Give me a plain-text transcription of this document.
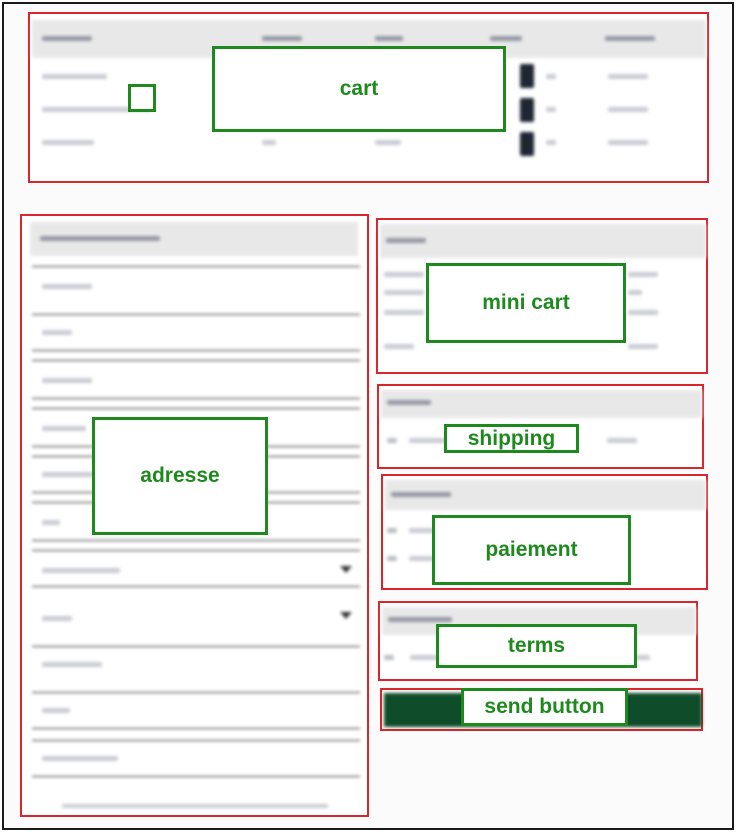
cart
adresse
mini cart
shipping
paiement
terms
send button
